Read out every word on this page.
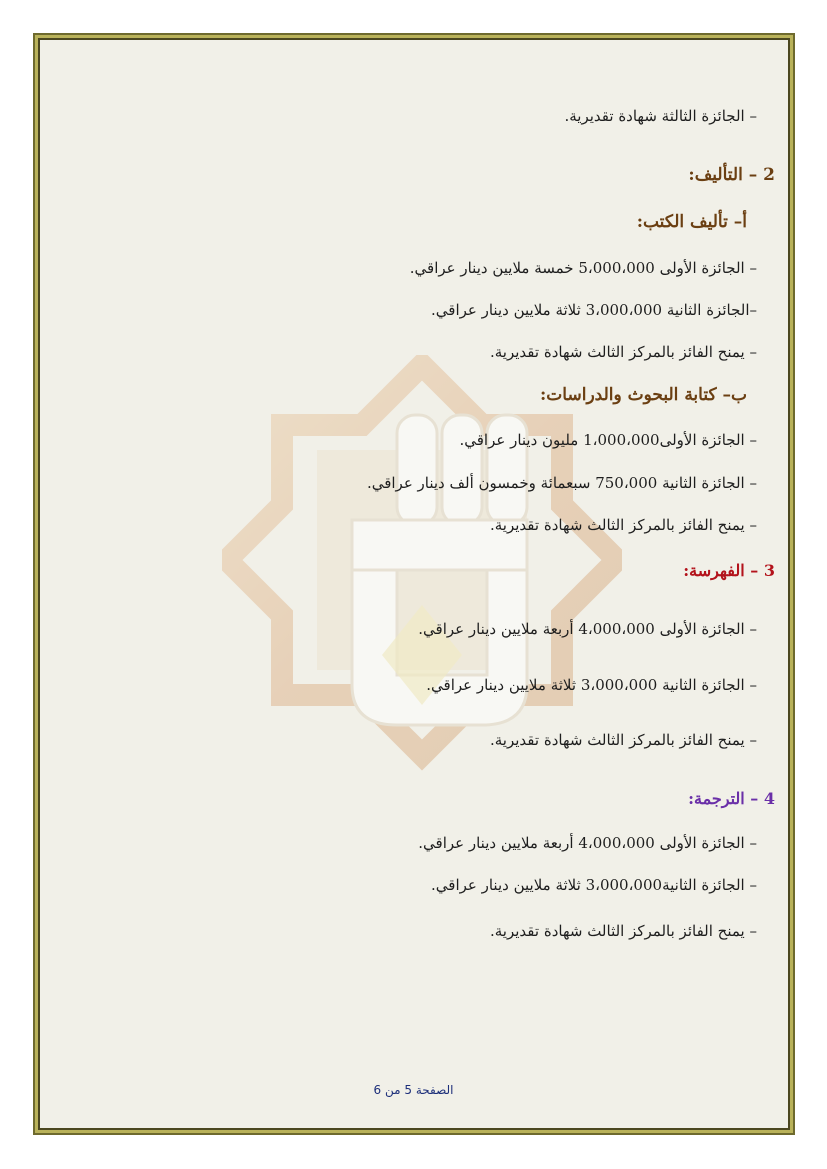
– الجائزة الثالثة شهادة تقديرية.
2 – التأليف:
أ– تأليف الكتب:
– الجائزة الأولى 5،000،000 خمسة ملايين دينار عراقي.
–الجائزة الثانية 3،000،000 ثلاثة ملايين دينار عراقي.
– يمنح الفائز بالمركز الثالث شهادة تقديرية.
ب– كتابة البحوث والدراسات:
– الجائزة الأولى1،000،000 مليون دينار عراقي.
– الجائزة الثانية 750،000 سبعمائة وخمسون ألف دينار عراقي.
– يمنح الفائز بالمركز الثالث شهادة تقديرية.
3 – الفهرسة:
– الجائزة الأولى 4،000،000 أربعة ملايين دينار عراقي.
– الجائزة الثانية 3،000،000 ثلاثة ملايين دينار عراقي.
– يمنح الفائز بالمركز الثالث شهادة تقديرية.
4 – الترجمة:
– الجائزة الأولى 4،000،000 أربعة ملايين دينار عراقي.
– الجائزة الثانية3،000،000 ثلاثة ملايين دينار عراقي.
– يمنح الفائز بالمركز الثالث شهادة تقديرية.
الصفحة 5 من 6
